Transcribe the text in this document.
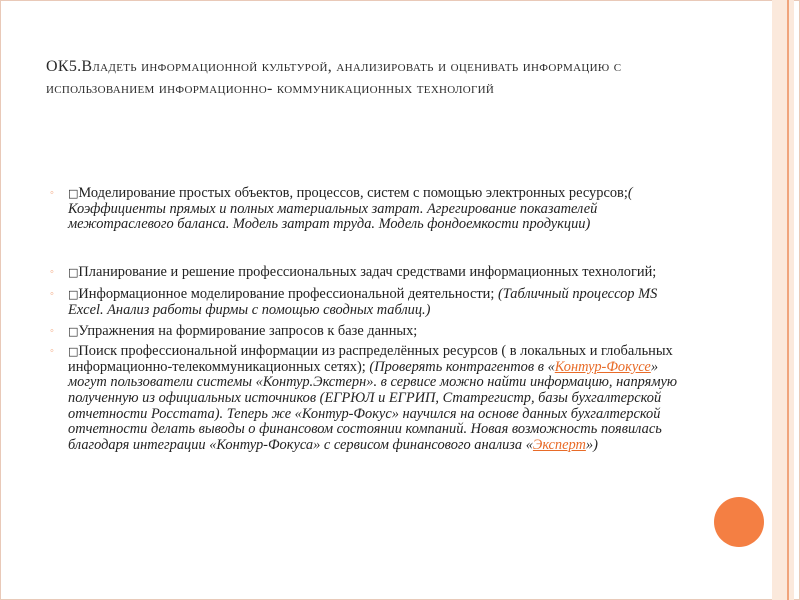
ОК5.Владеть информационной культурой, анализировать и оценивать информацию с использованием информационно- коммуникационных технологий
◦ □Моделирование простых объектов, процессов, систем с помощью электронных ресурсов;( Коэффициенты прямых и полных материальных затрат. Агрегирование показателей межотраслевого баланса. Модель затрат труда. Модель фондоемкости продукции)
◦ □Планирование и решение профессиональных задач средствами информационных технологий;
◦ □Информационное моделирование профессиональной деятельности; (Табличный процессор MS Excel. Анализ работы фирмы с помощью сводных таблиц.)
◦ □Упражнения на формирование запросов к базе данных;
◦ □Поиск профессиональной информации из распределённых ресурсов ( в локальных и глобальных информационно-телекоммуникационных сетях); (Проверять контрагентов в «Контур-Фокусе» могут пользователи системы «Контур.Экстерн». в сервисе можно найти информацию, напрямую полученную из официальных источников (ЕГРЮЛ и ЕГРИП, Статрегистр, базы бухгалтерской отчетности Росстата). Теперь же «Контур-Фокус» научился на основе данных бухгалтерской отчетности делать выводы о финансовом состоянии компаний. Новая возможность появилась благодаря интеграции «Контур-Фокуса» с сервисом финансового анализа «Эксперт»)
